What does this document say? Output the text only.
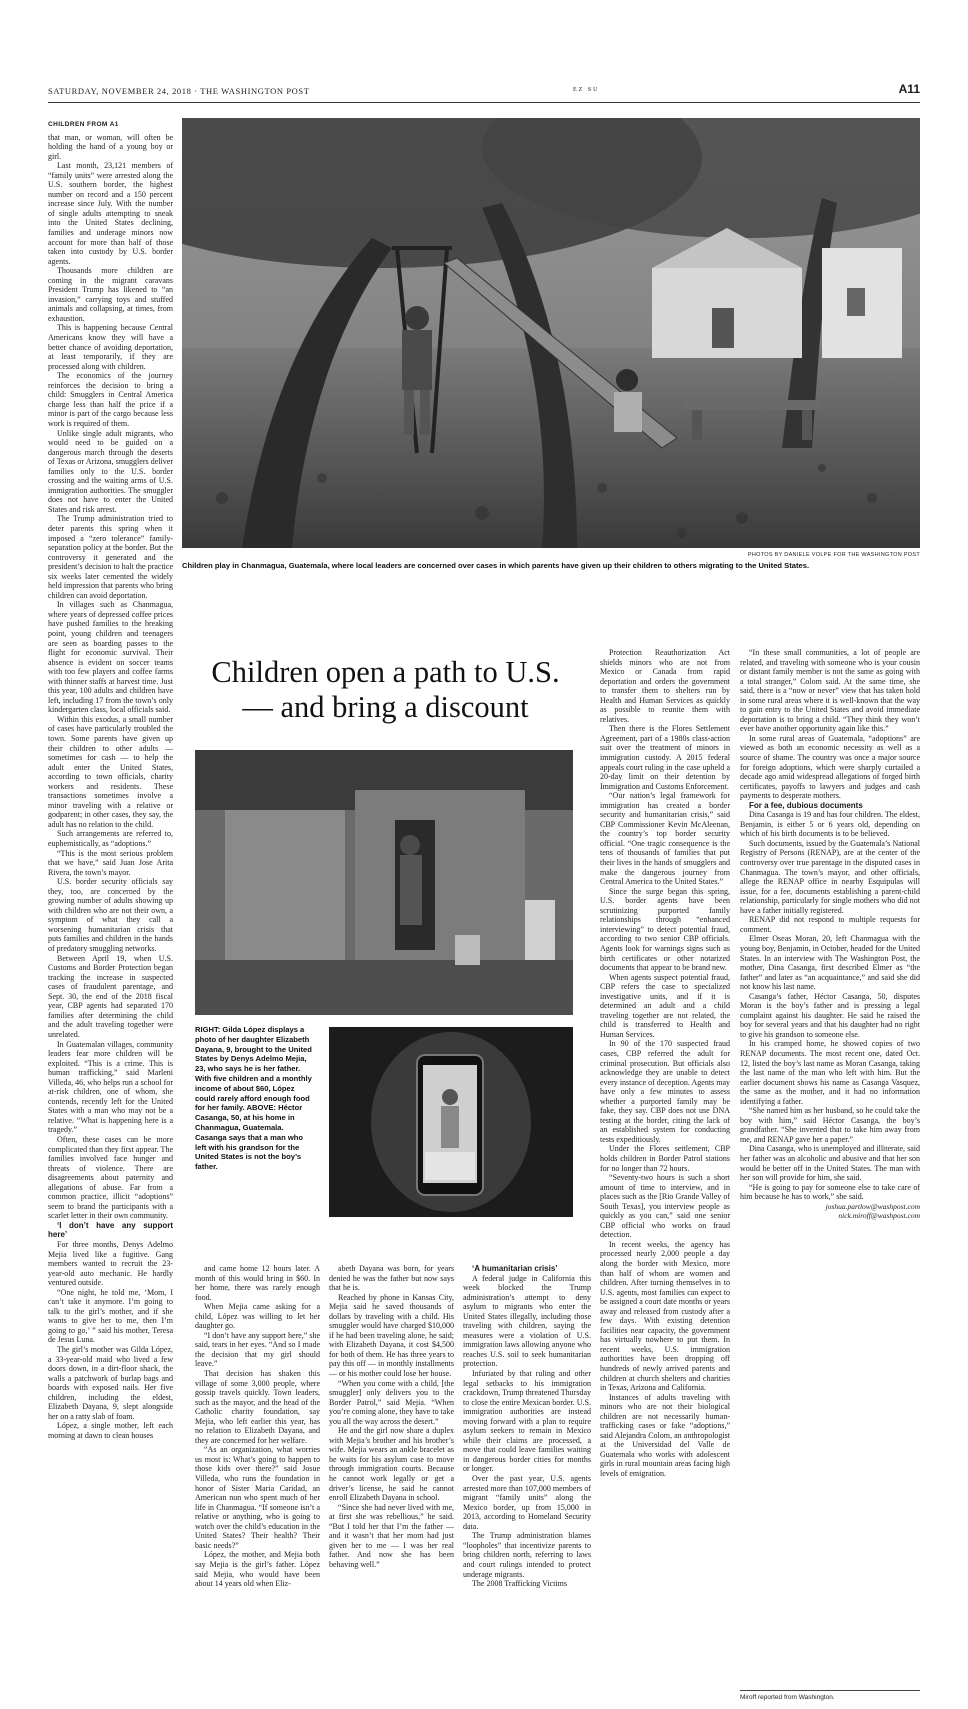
SATURDAY, NOVEMBER 24, 2018 · THE WASHINGTON POST	EZ SU	A11
CHILDREN FROM A1

that man, or woman, will often be holding the hand of a young boy or girl.

Last month, 23,121 members of “family units” were arrested along the U.S. southern border, the highest number on record and a 150 percent increase since July. With the number of single adults attempting to sneak into the United States declining, families and underage minors now account for more than half of those taken into custody by U.S. border agents.

Thousands more children are coming in the migrant caravans President Trump has likened to “an invasion,” carrying toys and stuffed animals and collapsing, at times, from exhaustion.

This is happening because Central Americans know they will have a better chance of avoiding deportation, at least temporarily, if they are processed along with children.

The economics of the journey reinforces the decision to bring a child: Smugglers in Central America charge less than half the price if a minor is part of the cargo because less work is required of them.

Unlike single adult migrants, who would need to be guided on a dangerous march through the deserts of Texas or Arizona, smugglers deliver families only to the U.S. border crossing and the waiting arms of U.S. immigration authorities. The smuggler does not have to enter the United States and risk arrest.

The Trump administration tried to deter parents this spring when it imposed a “zero tolerance” family-separation policy at the border. But the controversy it generated and the president’s decision to halt the practice six weeks later cemented the widely held impression that parents who bring children can avoid deportation.

In villages such as Chanmagua, where years of depressed coffee prices have pushed families to the breaking point, young children and teenagers are seen as boarding passes to the flight for economic survival. Their absence is evident on soccer teams with too few players and coffee farms with thinner staffs at harvest time. Just this year, 100 adults and children have left, including 17 from the town’s only kindergarten class, local officials said.

Within this exodus, a small number of cases have particularly troubled the town. Some parents have given up their children to other adults — sometimes for cash — to help the adult enter the United States, according to town officials, charity workers and residents. These transactions sometimes involve a minor traveling with a relative or godparent; in other cases, they say, the adult has no relation to the child.

Such arrangements are referred to, euphemistically, as “adoptions.”

“This is the most serious problem that we have,” said Juan Jose Arita Rivera, the town’s mayor.

U.S. border security officials say they, too, are concerned by the growing number of adults showing up with children who are not their own, a symptom of what they call a worsening humanitarian crisis that puts families and children in the hands of predatory smuggling networks.

Between April 19, when U.S. Customs and Border Protection began tracking the increase in suspected cases of fraudulent parentage, and Sept. 30, the end of the 2018 fiscal year, CBP agents had separated 170 families after determining the child and the adult traveling together were unrelated.

In Guatemalan villages, community leaders fear more children will be exploited. “This is a crime. This is human trafficking,” said Marleni Villeda, 46, who helps run a school for at-risk children, one of whom, she contends, recently left for the United States with a man who may not be a relative. “What is happening here is a tragedy.”

Often, these cases can be more complicated than they first appear. The families involved face hunger and threats of violence. There are disagreements about paternity and allegations of abuse. Far from a common practice, illicit “adoptions” seem to brand the participants with a scarlet letter in their own community.

‘I don’t have any support here’

For three months, Denys Adelmo Mejia lived like a fugitive. Gang members wanted to recruit the 23-year-old auto mechanic. He hardly ventured outside.

“One night, he told me, ‘Mom, I can’t take it anymore. I’m going to talk to the girl’s mother, and if she wants to give her to me, then I’m going to go,’ ” said his mother, Teresa de Jesus Luna.

The girl’s mother was Gilda López, a 33-year-old maid who lived a few doors down, in a dirt-floor shack, the walls a patchwork of burlap bags and boards with exposed nails. Her five children, including the eldest, Elizabeth Dayana, 9, slept alongside her on a ratty slab of foam.

López, a single mother, left each morning at dawn to clean houses

PHOTOS BY DANIELE VOLPE FOR THE WASHINGTON POST
Children play in Chanmagua, Guatemala, where local leaders are concerned over cases in which parents have given up their children to others migrating to the United States.
Children open a path to U.S. — and bring a discount
RIGHT: Gilda López displays a photo of her daughter Elizabeth Dayana, 9, brought to the United States by Denys Adelmo Mejia, 23, who says he is her father. With five children and a monthly income of about $60, López could rarely afford enough food for her family. ABOVE: Héctor Casanga, 50, at his home in Chanmagua, Guatemala. Casanga says that a man who left with his grandson for the United States is not the boy’s father.

and came home 12 hours later. A month of this would bring in $60. In her home, there was rarely enough food.

When Mejia came asking for a child, López was willing to let her daughter go.

“I don’t have any support here,” she said, tears in her eyes. “And so I made the decision that my girl should leave.”

That decision has shaken this village of some 3,000 people, where gossip travels quickly. Town leaders, such as the mayor, and the head of the Catholic charity foundation, say Mejia, who left earlier this year, has no relation to Elizabeth Dayana, and they are concerned for her welfare.

“As an organization, what worries us most is: What’s going to happen to those kids over there?” said Josue Villeda, who runs the foundation in honor of Sister Maria Caridad, an American nun who spent much of her life in Chanmagua. “If someone isn’t a relative or anything, who is going to watch over the child’s education in the United States? Their health? Their basic needs?”

López, the mother, and Mejia both say Mejia is the girl’s father. López said Mejia, who would have been about 14 years old when Eliz-

abeth Dayana was born, for years denied he was the father but now says that he is.

Reached by phone in Kansas City, Mejia said he saved thousands of dollars by traveling with a child. His smuggler would have charged $10,000 if he had been traveling alone, he said; with Elizabeth Dayana, it cost $4,500 for both of them. He has three years to pay this off — in monthly installments — or his mother could lose her house.

“When you come with a child, [the smuggler] only delivers you to the Border Patrol,” said Mejia. “When you’re coming alone, they have to take you all the way across the desert.”

He and the girl now share a duplex with Mejia’s brother and his brother’s wife. Mejia wears an ankle bracelet as he waits for his asylum case to move through immigration courts. Because he cannot work legally or get a driver’s license, he said he cannot enroll Elizabeth Dayana in school.

“Since she had never lived with me, at first she was rebellious,” he said. “But I told her that I’m the father — and it wasn’t that her mom had just given her to me — I was her real father. And now she has been behaving well.”

Protection Reauthorization Act shields minors who are not from Mexico or Canada from rapid deportation and orders the government to transfer them to shelters run by Health and Human Services as quickly as possible to reunite them with relatives.

Then there is the Flores Settlement Agreement, part of a 1980s class-action suit over the treatment of minors in immigration custody. A 2015 federal appeals court ruling in the case upheld a 20-day limit on their detention by Immigration and Customs Enforcement.

“Our nation’s legal framework for immigration has created a border security and humanitarian crisis,” said CBP Commissioner Kevin McAleenan, the country’s top border security official. “One tragic consequence is the tens of thousands of families that put their lives in the hands of smugglers and make the dangerous journey from Central America to the United States.”

Since the surge began this spring, U.S. border agents have been scrutinizing purported family relationships through “enhanced interviewing” to detect potential fraud, according to two senior CBP officials. Agents look for warnings signs such as birth certificates or other notarized documents that appear to be brand new.

When agents suspect potential fraud, CBP refers the case to specialized investigative units, and if it is determined an adult and a child traveling together are not related, the child is transferred to Health and Human Services.

In 90 of the 170 suspected fraud cases, CBP referred the adult for criminal prosecution. But officials also acknowledge they are unable to detect every instance of deception. Agents may have only a few minutes to assess whether a purported family may be fake, they say. CBP does not use DNA testing at the border, citing the lack of an established system for conducting tests expeditiously.

Under the Flores settlement, CBP holds children in Border Patrol stations for no longer than 72 hours.

“Seventy-two hours is such a short amount of time to interview, and in places such as the [Rio Grande Valley of South Texas], you interview people as quickly as you can,” said one senior CBP official who works on fraud detection.

In recent weeks, the agency has processed nearly 2,000 people a day along the border with Mexico, more than half of whom are women and children. After turning themselves in to U.S. agents, most families can expect to be assigned a court date months or years away and released from custody after a few days. With existing detention facilities near capacity, the government has virtually nowhere to put them. In recent weeks, U.S. immigration authorities have been dropping off hundreds of newly arrived parents and children at church shelters and charities in Texas, Arizona and California.

Instances of adults traveling with minors who are not their biological children are not necessarily human-trafficking cases or fake “adoptions,” said Alejandra Colom, an anthropologist at the Universidad del Valle de Guatemala who works with adolescent girls in rural mountain areas facing high levels of emigration.

“In these small communities, a lot of people are related, and traveling with someone who is your cousin or distant family member is not the same as going with a total stranger,” Colom said. At the same time, she said, there is a “now or never” view that has taken hold in some rural areas where it is well-known that the way to gain entry to the United States and avoid immediate deportation is to bring a child. “They think they won’t ever have another opportunity again like this.”

In some rural areas of Guatemala, “adoptions” are viewed as both an economic necessity as well as a source of shame. The country was once a major source for foreign adoptions, which were sharply curtailed a decade ago amid widespread allegations of forged birth certificates, payoffs to lawyers and judges and cash payments to desperate mothers.

For a fee, dubious documents

Dina Casanga is 19 and has four children. The eldest, Benjamin, is either 5 or 6 years old, depending on which of his birth documents is to be believed.

Such documents, issued by the Guatemala’s National Registry of Persons (RENAP), are at the center of the controversy over true parentage in the disputed cases in Chanmagua. The town’s mayor, and other officials, allege the RENAP office in nearby Esquipulas will issue, for a fee, documents establishing a parent-child relationship, particularly for single mothers who did not have a father initially registered.

RENAP did not respond to multiple requests for comment.

Elmer Oseas Moran, 20, left Chanmagua with the young boy, Benjamin, in October, headed for the United States. In an interview with The Washington Post, the mother, Dina Casanga, first described Elmer as “the father” and later as “an acquaintance,” and said she did not know his last name.

Casanga’s father, Héctor Casanga, 50, disputes Moran is the boy’s father and is pressing a legal complaint against his daughter. He said he raised the boy for several years and that his daughter had no right to give his grandson to someone else.

In his cramped home, he showed copies of two RENAP documents. The most recent one, dated Oct. 12, listed the boy’s last name as Moran Casanga, taking the last name of the man who left with him. But the earlier document shows his name as Casanga Vasquez, the same as the mother, and it had no information identifying a father.

“She named him as her husband, so he could take the boy with him,” said Héctor Casanga, the boy’s grandfather. “She invented that to take him away from me, and RENAP gave her a paper.”

Dina Casanga, who is unemployed and illiterate, said her father was an alcoholic and abusive and that her son would be better off in the United States. The man with her son will provide for him, she said.

“He is going to pay for someone else to take care of him because he has to work,” she said.

joshua.partlow@washpost.com

nick.miroff@washpost.com

‘A humanitarian crisis’

A federal judge in California this week blocked the Trump administration’s attempt to deny asylum to migrants who enter the United States illegally, including those traveling with children, saying the measures were a violation of U.S. immigration laws allowing anyone who reaches U.S. soil to seek humanitarian protection.

Infuriated by that ruling and other legal setbacks to his immigration crackdown, Trump threatened Thursday to close the entire Mexican border. U.S. immigration authorities are instead moving forward with a plan to require asylum seekers to remain in Mexico while their claims are processed, a move that could leave families waiting in dangerous border cities for months or longer.

Over the past year, U.S. agents arrested more than 107,000 members of migrant “family units” along the Mexico border, up from 15,000 in 2013, according to Homeland Security data.

The Trump administration blames “loopholes” that incentivize parents to bring children north, referring to laws and court rulings intended to protect underage migrants.

The 2008 Trafficking Victims

Miroff reported from Washington.
